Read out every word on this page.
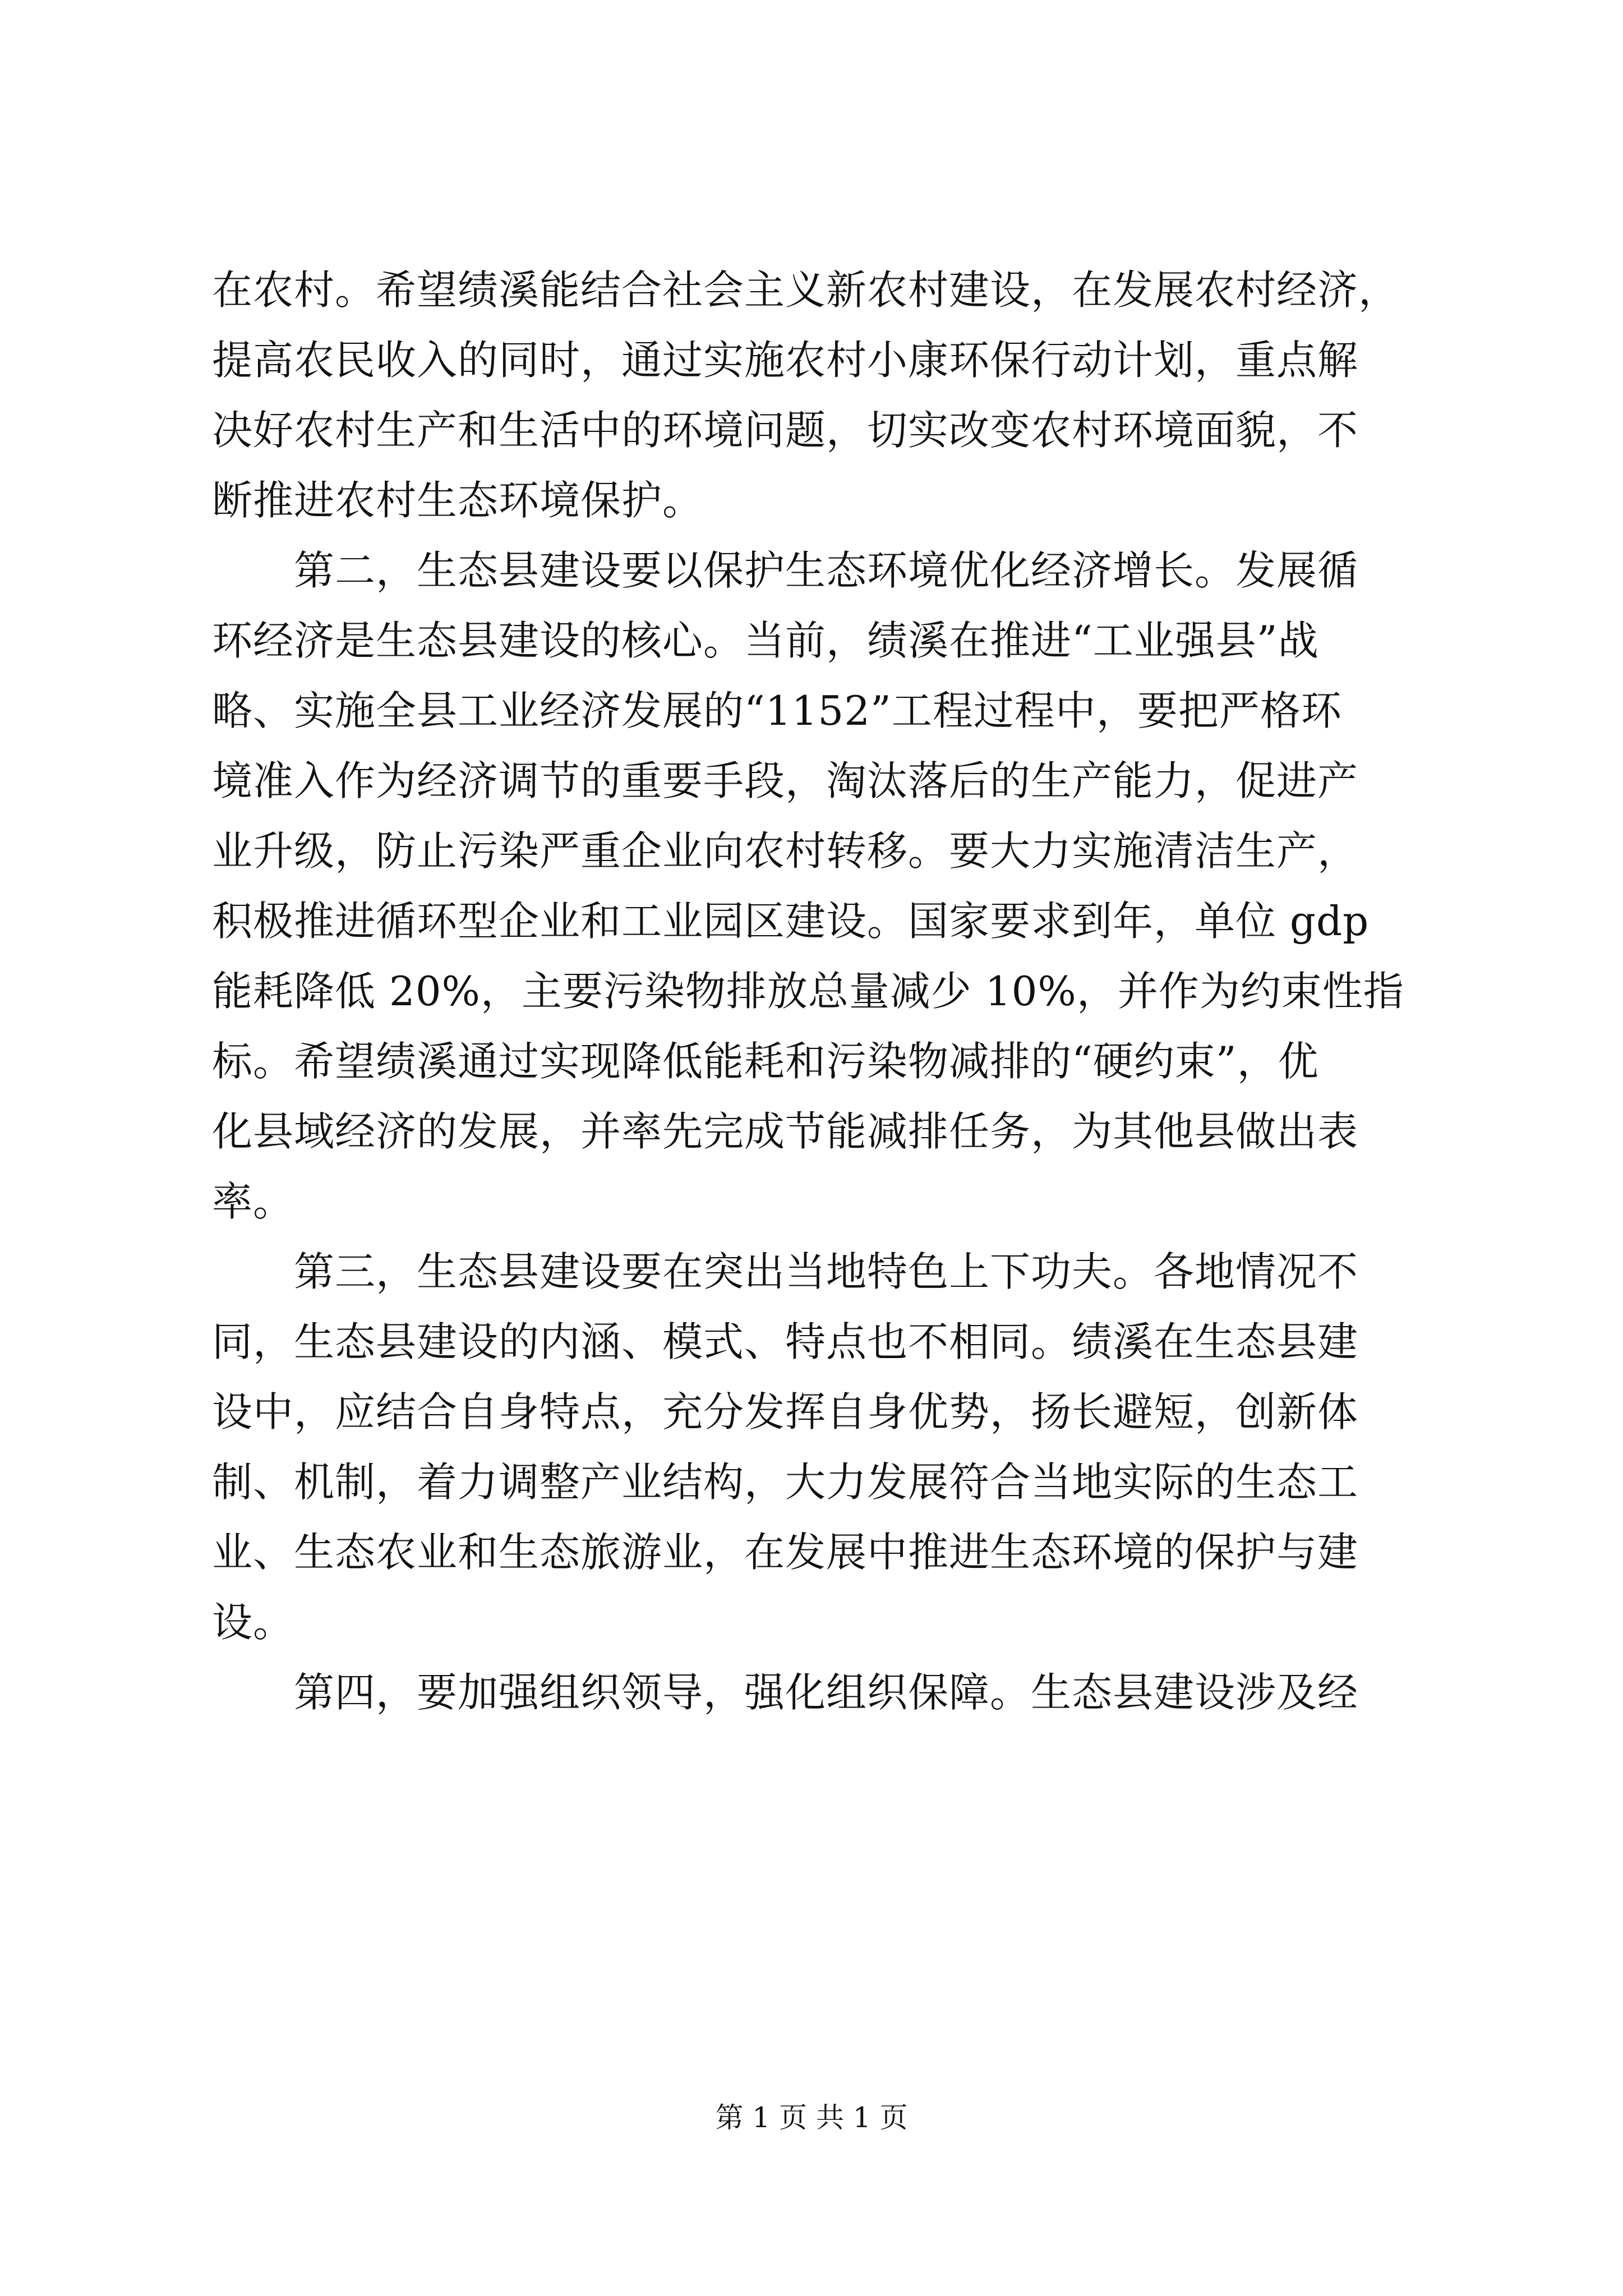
在农村。希望绩溪能结合社会主义新农村建设，在发展农村经济，
提高农民收入的同时，通过实施农村小康环保行动计划，重点解
决好农村生产和生活中的环境问题，切实改变农村环境面貌，不
断推进农村生态环境保护。
　　第二，生态县建设要以保护生态环境优化经济增长。发展循
环经济是生态县建设的核心。当前，绩溪在推进“工业强县”战
略、实施全县工业经济发展的“1152”工程过程中，要把严格环
境准入作为经济调节的重要手段，淘汰落后的生产能力，促进产
业升级，防止污染严重企业向农村转移。要大力实施清洁生产，
积极推进循环型企业和工业园区建设。国家要求到年，单位 gdp
能耗降低 20%，主要污染物排放总量减少 10%，并作为约束性指
标。希望绩溪通过实现降低能耗和污染物减排的“硬约束”，优
化县域经济的发展，并率先完成节能减排任务，为其他县做出表
率。
　　第三，生态县建设要在突出当地特色上下功夫。各地情况不
同，生态县建设的内涵、模式、特点也不相同。绩溪在生态县建
设中，应结合自身特点，充分发挥自身优势，扬长避短，创新体
制、机制，着力调整产业结构，大力发展符合当地实际的生态工
业、生态农业和生态旅游业，在发展中推进生态环境的保护与建
设。
　　第四，要加强组织领导，强化组织保障。生态县建设涉及经
第 1 页 共 1 页
